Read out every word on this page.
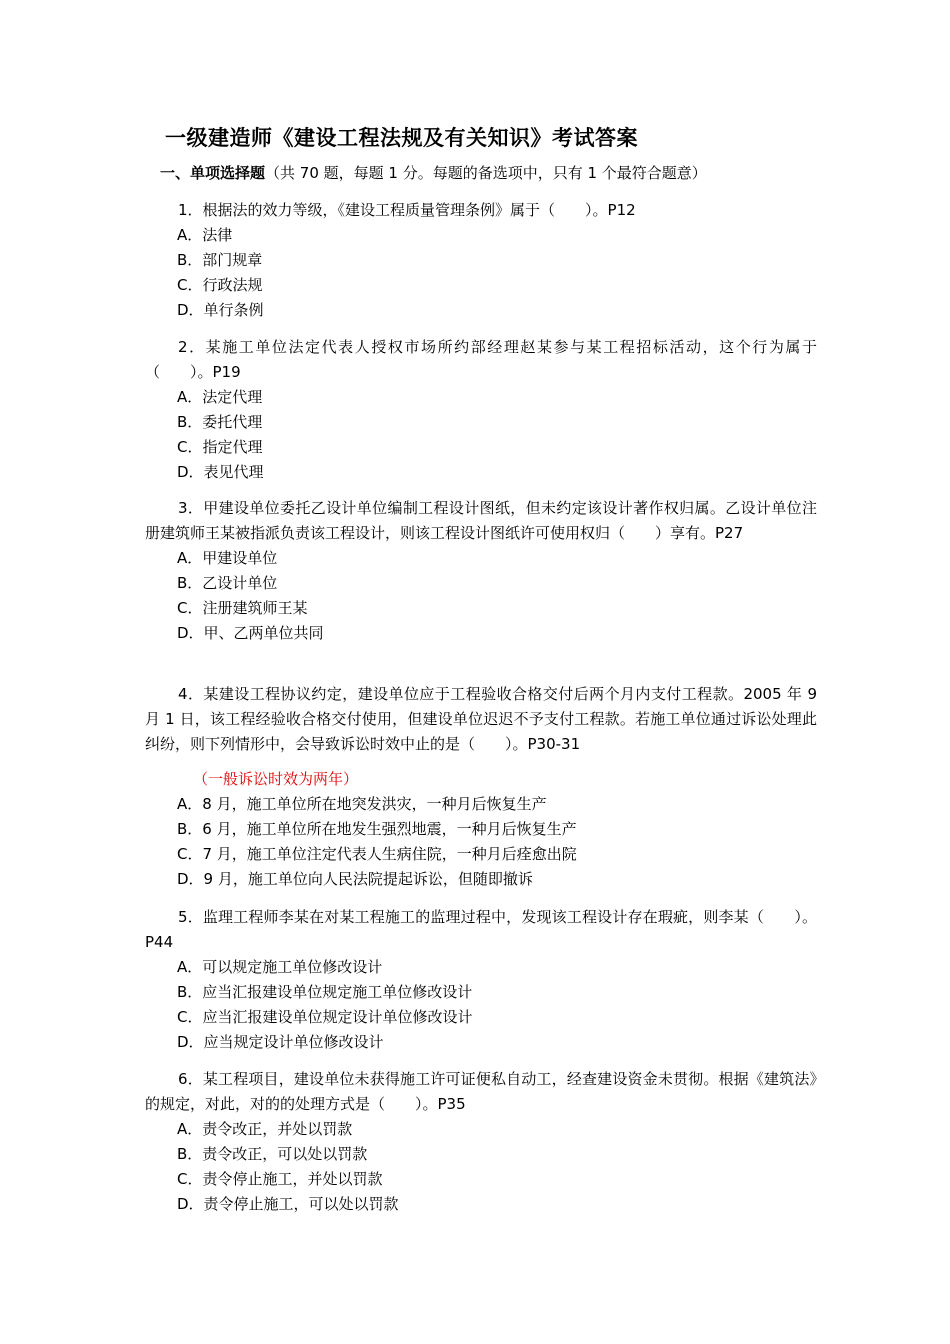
一级建造师《建设工程法规及有关知识》考试答案
一、单项选择题（共 70 题，每题 1 分。每题的备选项中，只有 1 个最符合题意）
1．根据法的效力等级，《建设工程质量管理条例》属于（　　）。P12
A．法律
B．部门规章
C．行政法规
D．单行条例
2．某施工单位法定代表人授权市场所约部经理赵某参与某工程招标活动，这个行为属于（　　）。P19
A．法定代理
B．委托代理
C．指定代理
D．表见代理
3．甲建设单位委托乙设计单位编制工程设计图纸，但未约定该设计著作权归属。乙设计单位注册建筑师王某被指派负责该工程设计，则该工程设计图纸许可使用权归（　　）享有。P27
A．甲建设单位
B．乙设计单位
C．注册建筑师王某
D．甲、乙两单位共同
4．某建设工程协议约定，建设单位应于工程验收合格交付后两个月内支付工程款。2005 年 9 月 1 日，该工程经验收合格交付使用，但建设单位迟迟不予支付工程款。若施工单位通过诉讼处理此纠纷，则下列情形中，会导致诉讼时效中止的是（　　）。P30-31
（一般诉讼时效为两年）
A．8 月，施工单位所在地突发洪灾，一种月后恢复生产
B．6 月，施工单位所在地发生强烈地震，一种月后恢复生产
C．7 月，施工单位注定代表人生病住院，一种月后痊愈出院
D．9 月，施工单位向人民法院提起诉讼，但随即撤诉
5．监理工程师李某在对某工程施工的监理过程中，发现该工程设计存在瑕疵，则李某（　　）。P44
A．可以规定施工单位修改设计
B．应当汇报建设单位规定施工单位修改设计
C．应当汇报建设单位规定设计单位修改设计
D．应当规定设计单位修改设计
6．某工程项目，建设单位未获得施工许可证便私自动工，经查建设资金未贯彻。根据《建筑法》的规定，对此，对的的处理方式是（　　）。P35
A．责令改正，并处以罚款
B．责令改正，可以处以罚款
C．责令停止施工，并处以罚款
D．责令停止施工，可以处以罚款
